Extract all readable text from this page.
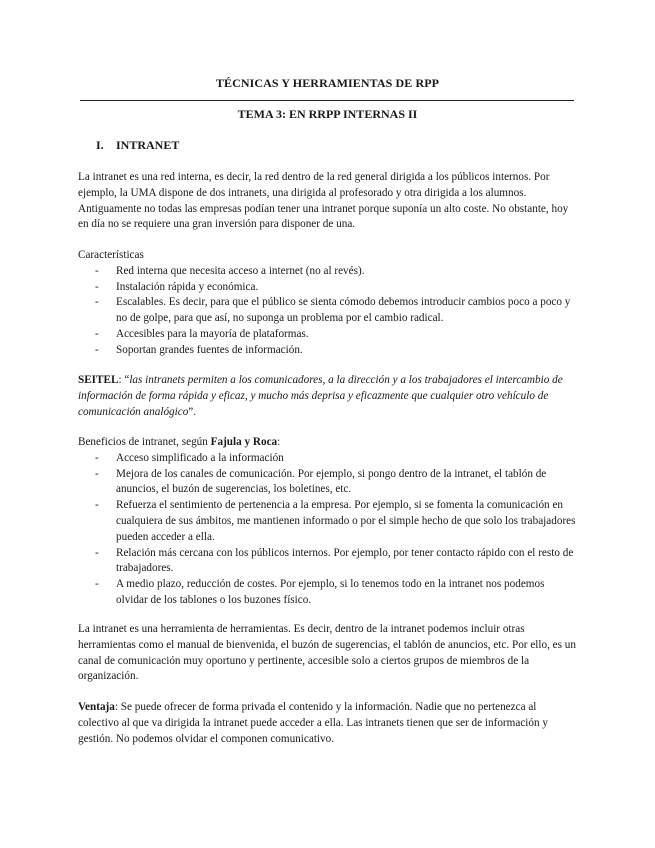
TÉCNICAS Y HERRAMIENTAS DE RPP
TEMA 3: EN RRPP INTERNAS II
I. INTRANET

La intranet es una red interna, es decir, la red dentro de la red general dirigida a los públicos internos. Por ejemplo, la UMA dispone de dos intranets, una dirigida al profesorado y otra dirigida a los alumnos. Antiguamente no todas las empresas podían tener una intranet porque suponía un alto coste. No obstante, hoy en día no se requiere una gran inversión para disponer de una.

Características

- Red interna que necesita acceso a internet (no al revés).
- Instalación rápida y económica.
- Escalables. Es decir, para que el público se sienta cómodo debemos introducir cambios poco a poco y no de golpe, para que así, no suponga un problema por el cambio radical.
- Accesibles para la mayoría de plataformas.
- Soportan grandes fuentes de información.

SEITEL: “las intranets permiten a los comunicadores, a la dirección y a los trabajadores el intercambio de información de forma rápida y eficaz, y mucho más deprisa y eficazmente que cualquier otro vehículo de comunicación analógico”.

Beneficios de intranet, según Fajula y Roca:

- Acceso simplificado a la información
- Mejora de los canales de comunicación. Por ejemplo, si pongo dentro de la intranet, el tablón de anuncios, el buzón de sugerencias, los boletines, etc.
- Refuerza el sentimiento de pertenencia a la empresa. Por ejemplo, si se fomenta la comunicación en cualquiera de sus ámbitos, me mantienen informado o por el simple hecho de que solo los trabajadores pueden acceder a ella.
- Relación más cercana con los públicos internos. Por ejemplo, por tener contacto rápido con el resto de trabajadores.
- A medio plazo, reducción de costes. Por ejemplo, si lo tenemos todo en la intranet nos podemos olvidar de los tablones o los buzones físico.

La intranet es una herramienta de herramientas. Es decir, dentro de la intranet podemos incluir otras herramientas como el manual de bienvenida, el buzón de sugerencias, el tablón de anuncios, etc. Por ello, es un canal de comunicación muy oportuno y pertinente, accesible solo a ciertos grupos de miembros de la organización.

Ventaja: Se puede ofrecer de forma privada el contenido y la información. Nadie que no pertenezca al colectivo al que va dirigida la intranet puede acceder a ella. Las intranets tienen que ser de información y gestión. No podemos olvidar el componen comunicativo.
